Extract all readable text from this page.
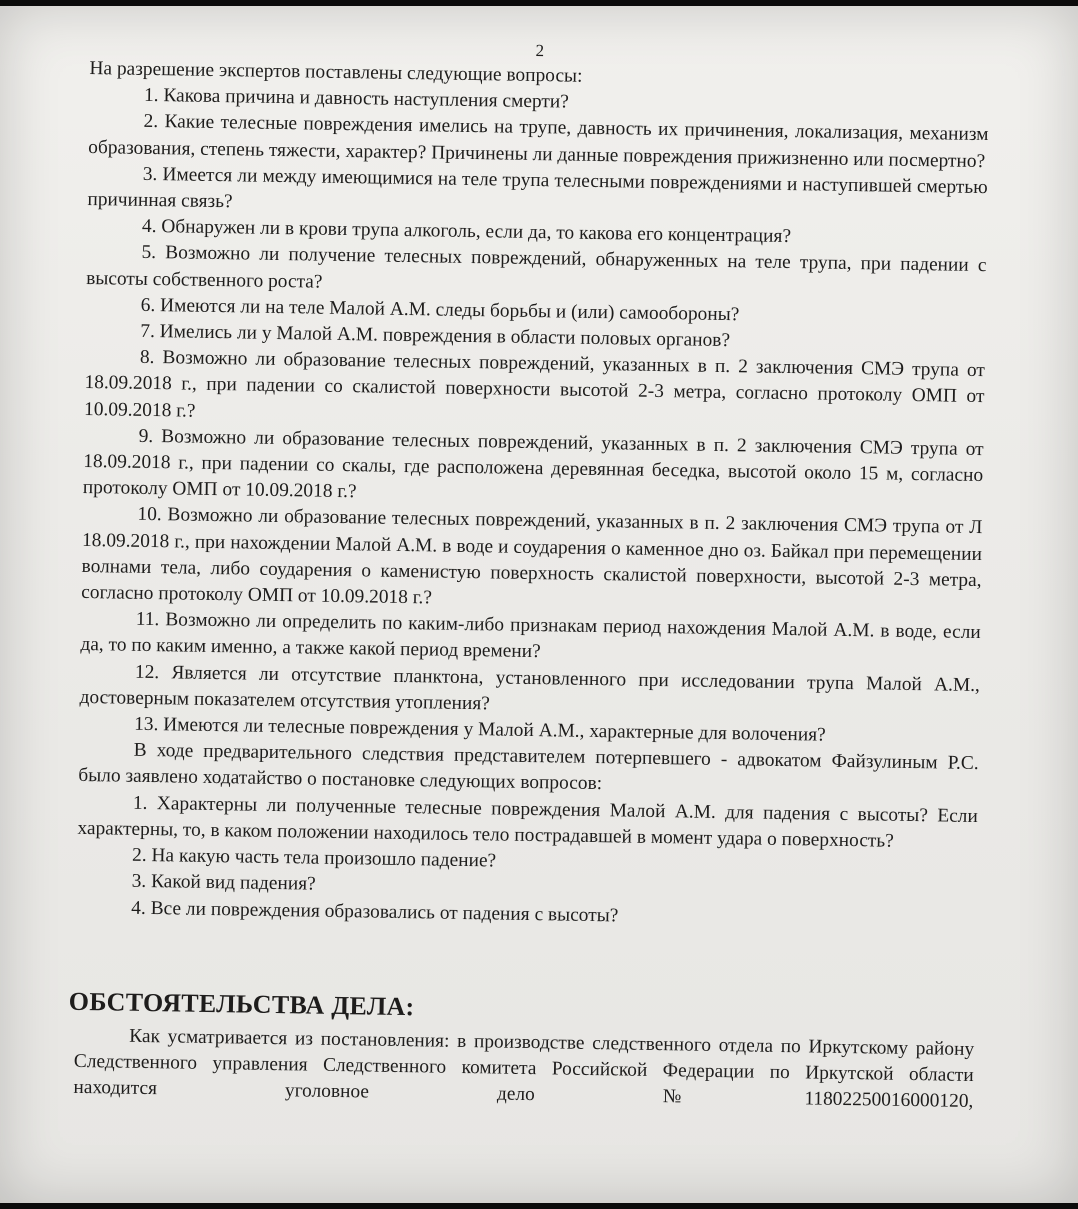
2

На разрешение экспертов поставлены следующие вопросы:

1. Какова причина и давность наступления смерти?

2. Какие телесные повреждения имелись на трупе, давность их причинения, локализация, механизм образования, степень тяжести, характер? Причинены ли данные повреждения прижизненно или посмертно?

3. Имеется ли между имеющимися на теле трупа телесными повреждениями и наступившей смертью причинная связь?

4. Обнаружен ли в крови трупа алкоголь, если да, то какова его концентрация?

5. Возможно ли получение телесных повреждений, обнаруженных на теле трупа, при падении с высоты собственного роста?

6. Имеются ли на теле Малой А.М. следы борьбы и (или) самообороны?

7. Имелись ли у Малой А.М. повреждения в области половых органов?

8. Возможно ли образование телесных повреждений, указанных в п. 2 заключения СМЭ трупа от 18.09.2018 г., при падении со скалистой поверхности высотой 2-3 метра, согласно протоколу ОМП от 10.09.2018 г.?

9. Возможно ли образование телесных повреждений, указанных в п. 2 заключения СМЭ трупа от 18.09.2018 г., при падении со скалы, где расположена деревянная беседка, высотой около 15 м, согласно протоколу ОМП от 10.09.2018 г.?

10. Возможно ли образование телесных повреждений, указанных в п. 2 заключения СМЭ трупа от Л 18.09.2018 г., при нахождении Малой А.М. в воде и соударения о каменное дно оз. Байкал при перемещении волнами тела, либо соударения о каменистую поверхность скалистой поверхности, высотой 2-3 метра, согласно протоколу ОМП от 10.09.2018 г.?

11. Возможно ли определить по каким-либо признакам период нахождения Малой А.М. в воде, если да, то по каким именно, а также какой период времени?

12. Является ли отсутствие планктона, установленного при исследовании трупа Малой А.М., достоверным показателем отсутствия утопления?

13. Имеются ли телесные повреждения у Малой А.М., характерные для волочения?

В ходе предварительного следствия представителем потерпевшего - адвокатом Файзулиным Р.С. было заявлено ходатайство о постановке следующих вопросов:

1. Характерны ли полученные телесные повреждения Малой А.М. для падения с высоты? Если характерны, то, в каком положении находилось тело пострадавшей в момент удара о поверхность?

2. На какую часть тела произошло падение?

3. Какой вид падения?

4. Все ли повреждения образовались от падения с высоты?

ОБСТОЯТЕЛЬСТВА ДЕЛА:

Как усматривается из постановления: в производстве следственного отдела по Иркутскому району Следственного управления Следственного комитета Российской Федерации по Иркутской области находится уголовное дело №11802250016000120,
